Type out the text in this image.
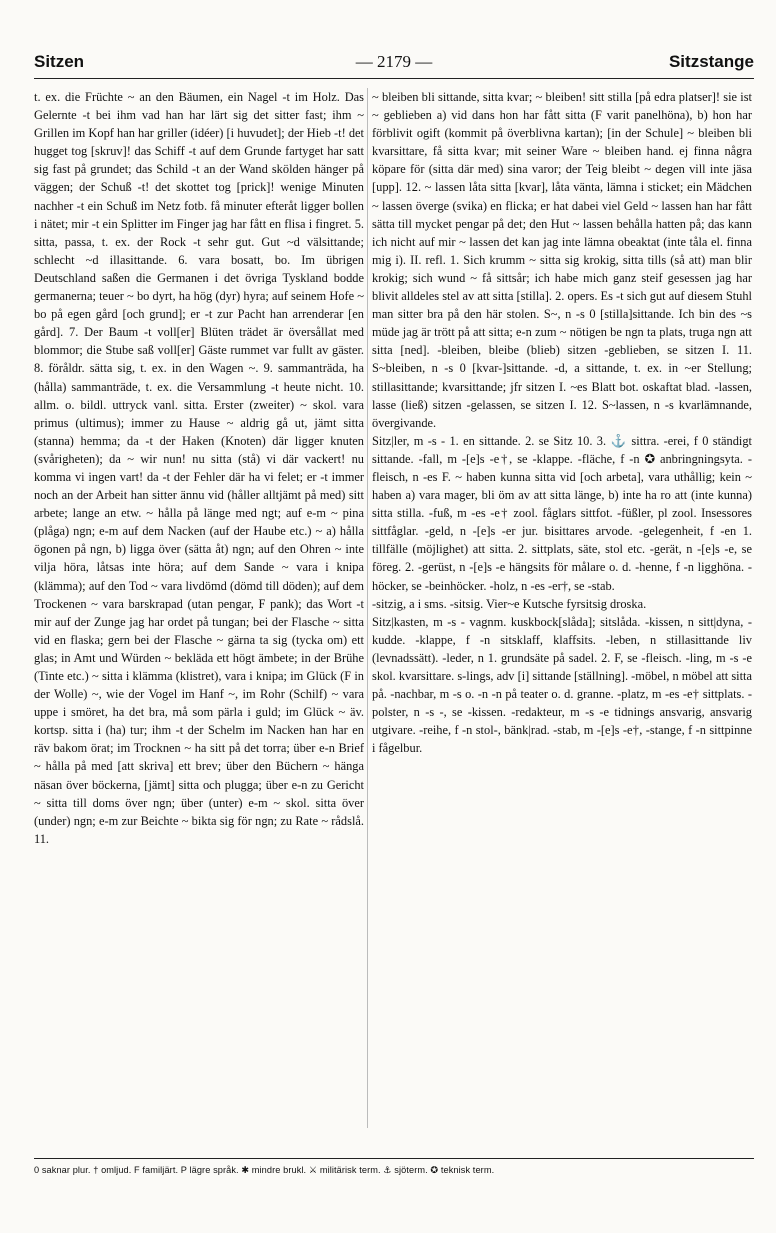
Sitzen	— 2179 —	Sitzstange

t. ex. die Früchte ~ an den Bäumen, ein Nagel -t im Holz. Das Gelernte -t bei ihm vad han har lärt sig det sitter fast; ihm ~ Grillen im Kopf han har griller (idéer) [i huvudet]; der Hieb -t! det hugget tog [skruv]! das Schiff -t auf dem Grunde fartyget har satt sig fast på grundet; das Schild -t an der Wand skölden hänger på väggen; der Schuß -t! det skottet tog [prick]! wenige Minuten nachher -t ein Schuß im Netz fotb. få minuter efteråt ligger bollen i nätet; mir -t ein Splitter im Finger jag har fått en flisa i fingret. 5. sitta, passa, t. ex. der Rock -t sehr gut. Gut ~d välsittande; schlecht ~d illasittande. 6. vara bosatt, bo. Im übrigen Deutschland saßen die Germanen i det övriga Tyskland bodde germanerna; teuer ~ bo dyrt, ha hög (dyr) hyra; auf seinem Hofe ~ bo på egen gård [och grund]; er -t zur Pacht han arrenderar [en gård]. 7. Der Baum -t voll[er] Blüten trädet är översållat med blommor; die Stube saß voll[er] Gäste rummet var fullt av gäster. 8. föråldr. sätta sig, t. ex. in den Wagen ~. 9. sammanträda, ha (hålla) sammanträde, t. ex. die Versammlung -t heute nicht. 10. allm. o. bildl. uttryck vanl. sitta. Erster (zweiter) ~ skol. vara primus (ultimus); immer zu Hause ~ aldrig gå ut, jämt sitta (stanna) hemma; da -t der Haken (Knoten) där ligger knuten (svårigheten); da ~ wir nun! nu sitta (stå) vi där vackert! nu komma vi ingen vart! da -t der Fehler där ha vi felet; er -t immer noch an der Arbeit han sitter ännu vid (håller alltjämt på med) sitt arbete; lange an etw. ~ hålla på länge med ngt; auf e-m ~ pina (plåga) ngn; e-m auf dem Nacken (auf der Haube etc.) ~ a) hålla ögonen på ngn, b) ligga över (sätta åt) ngn; auf den Ohren ~ inte vilja höra, låtsas inte höra; auf dem Sande ~ vara i knipa (klämma); auf den Tod ~ vara livdömd (dömd till döden); auf dem Trockenen ~ vara barskrapad (utan pengar, F pank); das Wort -t mir auf der Zunge jag har ordet på tungan; bei der Flasche ~ sitta vid en flaska; gern bei der Flasche ~ gärna ta sig (tycka om) ett glas; in Amt und Würden ~ bekläda ett högt ämbete; in der Brühe (Tinte etc.) ~ sitta i klämma (klistret), vara i knipa; im Glück (F in der Wolle) ~, wie der Vogel im Hanf ~, im Rohr (Schilf) ~ vara uppe i smöret, ha det bra, må som pärla i guld; im Glück ~ äv. kortsp. sitta i (ha) tur; ihm -t der Schelm im Nacken han har en räv bakom örat; im Trocknen ~ ha sitt på det torra; über e-n Brief ~ hålla på med [att skriva] ett brev; über den Büchern ~ hänga näsan över böckerna, [jämt] sitta och plugga; über e-n zu Gericht ~ sitta till doms över ngn; über (unter) e-m ~ skol. sitta över (under) ngn; e-m zur Beichte ~ bikta sig för ngn; zu Rate ~ rådslå. 11.

~ bleiben bli sittande, sitta kvar; ~ bleiben! sitt stilla [på edra platser]! sie ist ~ geblieben a) vid dans hon har fått sitta (F varit panelhöna), b) hon har förblivit ogift (kommit på överblivna kartan); [in der Schule] ~ bleiben bli kvarsittare, få sitta kvar; mit seiner Ware ~ bleiben hand. ej finna några köpare för (sitta där med) sina varor; der Teig bleibt ~ degen vill inte jäsa [upp]. 12. ~ lassen låta sitta [kvar], låta vänta, lämna i sticket; ein Mädchen ~ lassen överge (svika) en flicka; er hat dabei viel Geld ~ lassen han har fått sätta till mycket pengar på det; den Hut ~ lassen behålla hatten på; das kann ich nicht auf mir ~ lassen det kan jag inte lämna obeaktat (inte tåla el. finna mig i). II. refl. 1. Sich krumm ~ sitta sig krokig, sitta tills (så att) man blir krokig; sich wund ~ få sittsår; ich habe mich ganz steif gesessen jag har blivit alldeles stel av att sitta [stilla]. 2. opers. Es -t sich gut auf diesem Stuhl man sitter bra på den här stolen. S~, n -s 0 [stilla]sittande. Ich bin des ~s müde jag är trött på att sitta; e-n zum ~ nötigen be ngn ta plats, truga ngn att sitta [ned]. -bleiben, bleibe (blieb) sitzen -geblieben, se sitzen I. 11. S~bleiben, n -s 0 [kvar-]sittande. -d, a sittande, t. ex. in ~er Stellung; stillasittande; kvarsittande; jfr sitzen I. ~es Blatt bot. oskaftat blad. -lassen, lasse (ließ) sitzen -gelassen, se sitzen I. 12. S~lassen, n -s kvarlämnande, övergivande.

Sitz|ler, m -s - 1. en sittande. 2. se Sitz 10. 3. ⚓ sittra. -erei, f 0 ständigt sittande. -fall, m -[e]s -e†, se -klappe. -fläche, f -n ✪ anbringningsyta. -fleisch, n -es F. ~ haben kunna sitta vid [och arbeta], vara uthållig; kein ~ haben a) vara mager, bli öm av att sitta länge, b) inte ha ro att (inte kunna) sitta stilla. -fuß, m -es -e† zool. fåglars sittfot. -füßler, pl zool. Insessores sittfåglar. -geld, n -[e]s -er jur. bisittares arvode. -gelegenheit, f -en 1. tillfälle (möjlighet) att sitta. 2. sittplats, säte, stol etc. -gerät, n -[e]s -e, se föreg. 2. -gerüst, n -[e]s -e hängsits för målare o. d. -henne, f -n ligghöna. -höcker, se -beinhöcker. -holz, n -es -er†, se -stab.

-sitzig, a i sms. -sitsig. Vier~e Kutsche fyrsitsig droska.

Sitz|kasten, m -s - vagnm. kuskbock[slåda]; sitslåda. -kissen, n sitt|dyna, -kudde. -klappe, f -n sitsklaff, klaffsits. -leben, n stillasittande liv (levnadssätt). -leder, n 1. grundsäte på sadel. 2. F, se -fleisch. -ling, m -s -e skol. kvarsittare. s-lings, adv [i] sittande [ställning]. -möbel, n möbel att sitta på. -nachbar, m -s o. -n -n på teater o. d. granne. -platz, m -es -e† sittplats. -polster, n -s -, se -kissen. -redakteur, m -s -e tidnings ansvarig, ansvarig utgivare. -reihe, f -n stol-, bänk|rad. -stab, m -[e]s -e†, -stange, f -n sittpinne i fågelbur.

0 saknar plur. † omljud. F familjärt. P lägre språk. ✱ mindre brukl. ⚔ militärisk term. ⚓ sjöterm. ✪ teknisk term.
